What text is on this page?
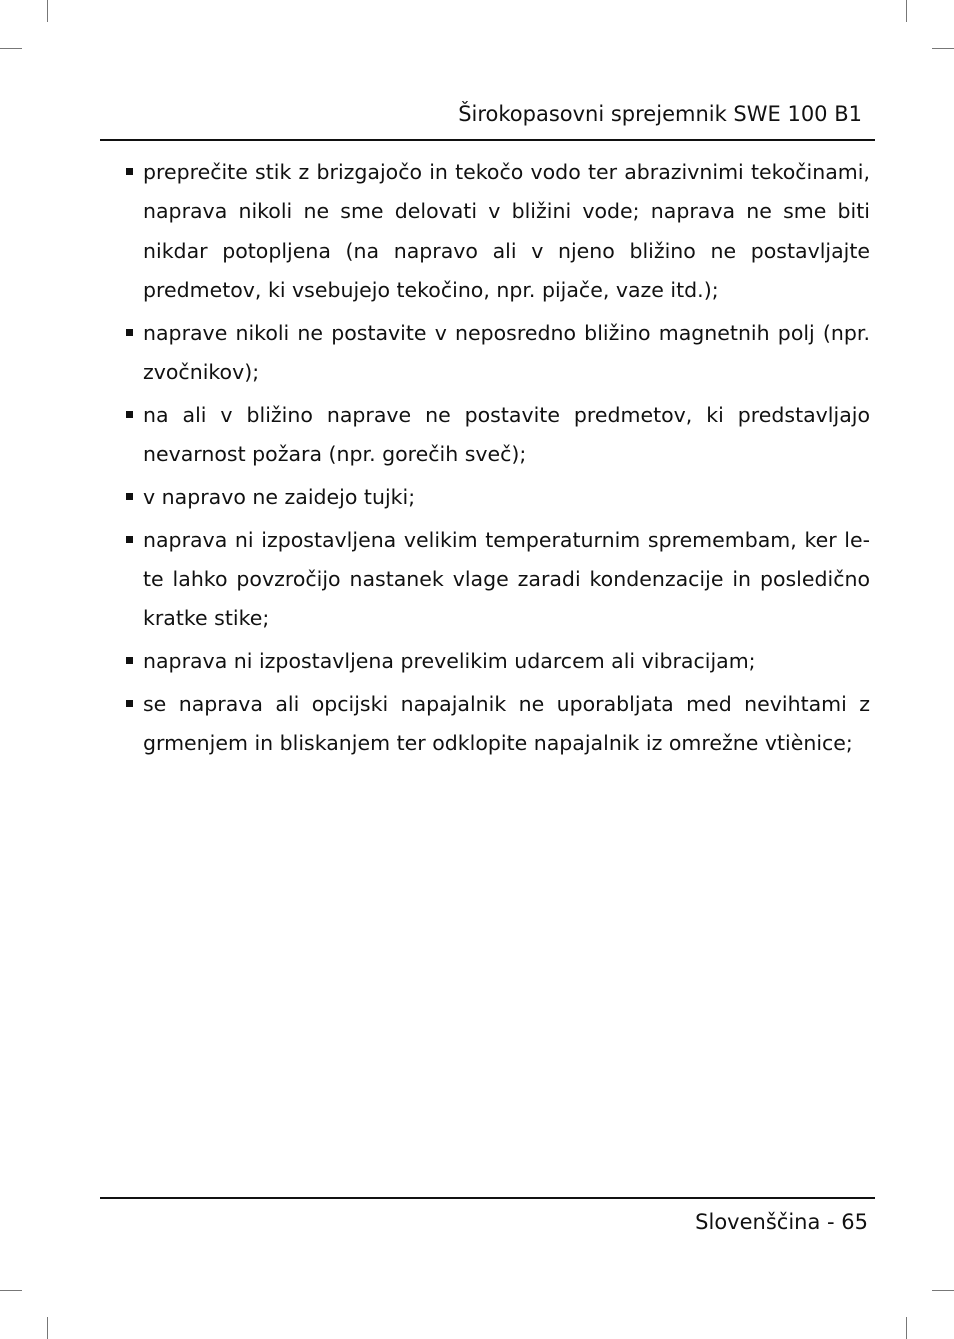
Širokopasovni sprejemnik SWE 100 B1
preprečite stik z brizgajočo in tekočo vodo ter abrazivnimi tekočinami, naprava nikoli ne sme delovati v bližini vode; naprava ne sme biti nikdar potopljena (na napravo ali v njeno bližino ne postavljajte predmetov, ki vsebujejo tekočino, npr. pijače, vaze itd.);
naprave nikoli ne postavite v neposredno bližino magnetnih polj (npr. zvočnikov);
na ali v bližino naprave ne postavite predmetov, ki predstavljajo nevarnost požara (npr. gorečih sveč);
v napravo ne zaidejo tujki;
naprava ni izpostavljena velikim temperaturnim spremembam, ker le-te lahko povzročijo nastanek vlage zaradi kondenzacije in posledično kratke stike;
naprava ni izpostavljena prevelikim udarcem ali vibracijam;
se naprava ali opcijski napajalnik ne uporabljata med nevihtami z grmenjem in bliskanjem ter odklopite napajalnik iz omrežne vtiènice;
Slovenščina - 65
